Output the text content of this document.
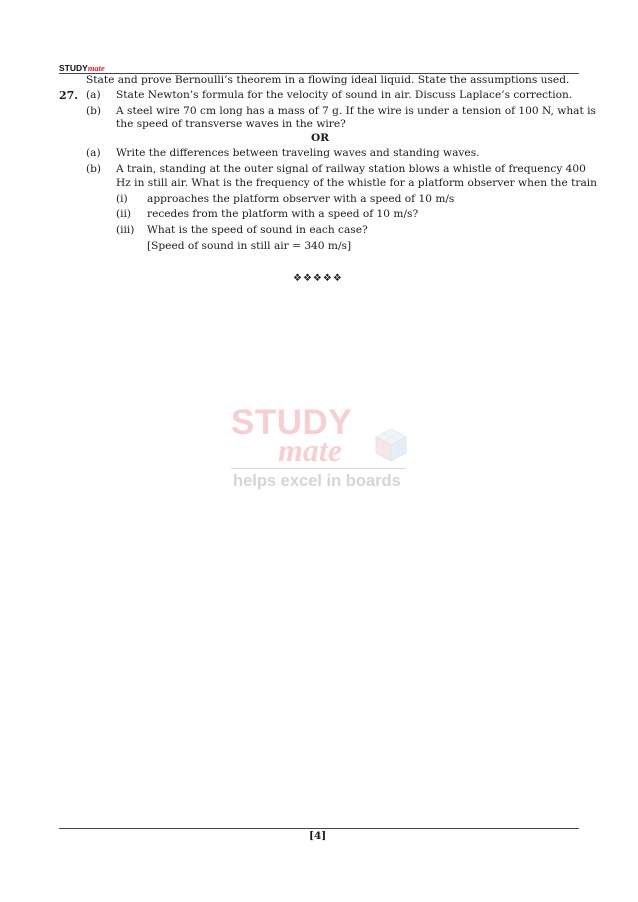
STUDYmate
State and prove Bernoulli’s theorem in a flowing ideal liquid. State the assumptions used.
27. (a) State Newton’s formula for the velocity of sound in air. Discuss Laplace’s correction.
(b) A steel wire 70 cm long has a mass of 7 g. If the wire is under a tension of 100 N, what is
the speed of transverse waves in the wire?
OR
(a) Write the differences between traveling waves and standing waves.
(b) A train, standing at the outer signal of railway station blows a whistle of frequency 400
Hz in still air. What is the frequency of the whistle for a platform observer when the train
(i) approaches the platform observer with a speed of 10 m/s
(ii) recedes from the platform with a speed of 10 m/s?
(iii) What is the speed of sound in each case?
[Speed of sound in still air = 340 m/s]
❖❖❖❖❖
STUDY
mate
helps excel in boards
[4]
